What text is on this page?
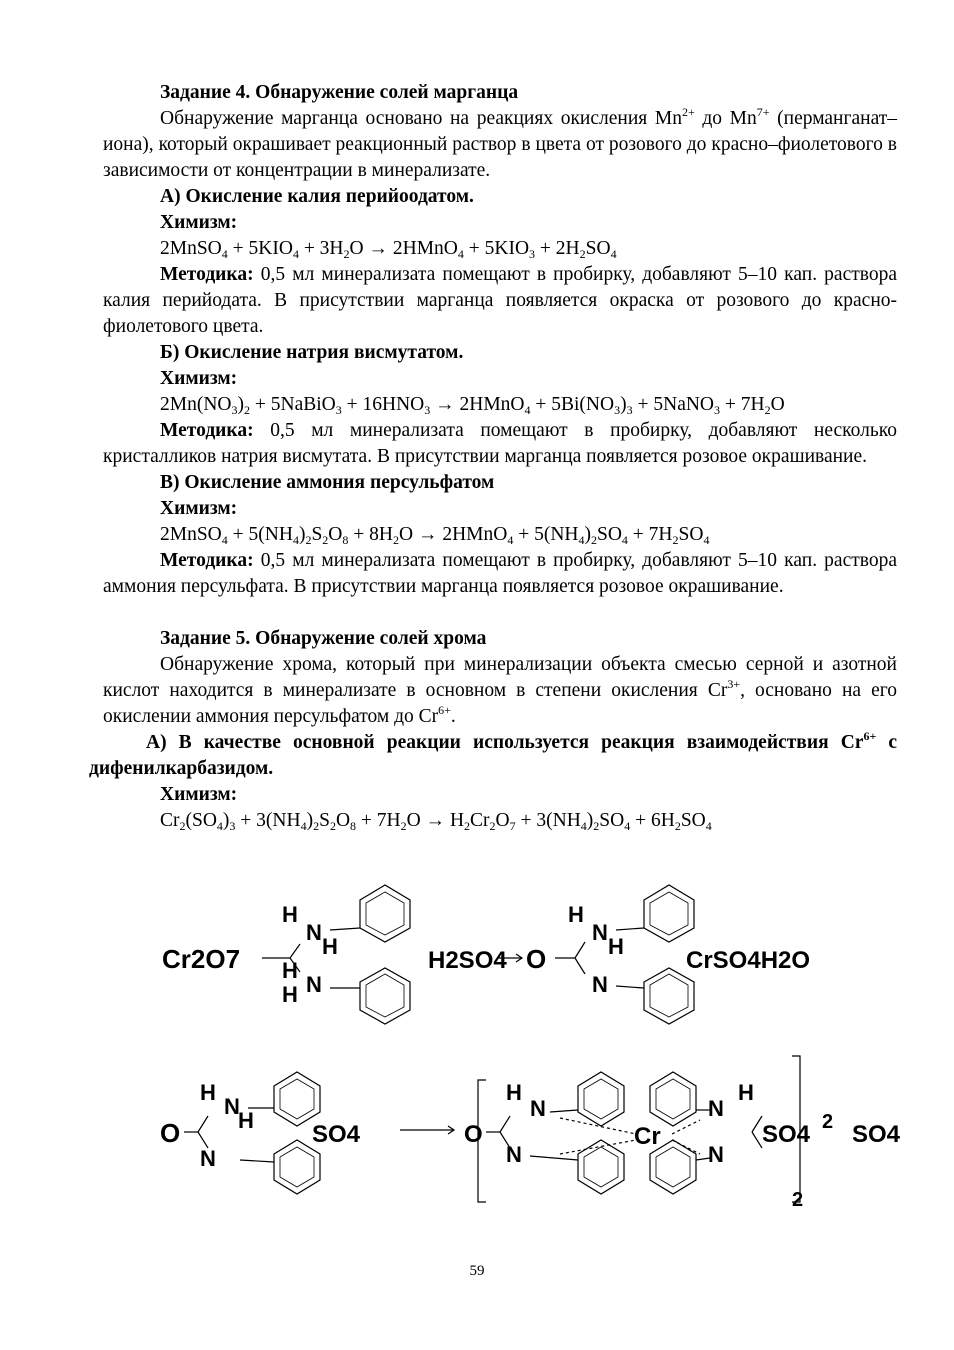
Задание 4. Обнаружение солей марганца

Обнаружение марганца основано на реакциях окисления $Mn^{2+}$ до $Mn^{7+}$ (перманганат–иона), который окрашивает реакционный раствор в цвета от розового до красно–фиолетового в зависимости от концентрации в минерализате.

А) Окисление калия перийоодатом.

Химизм:

2MnSO$_4$ + $5KIO_4 + 3H_2O$ → 2HMnO$_4$ + $5KIO_3 + 2H_2SO_4$

Методика: 0,5 мл минерализата помещают в пробирку, добавляют 5–10 кап. раствора калия перийодата. В присутствии марганца появляется окраска от розового до красно-фиолетового цвета.

Б) Окисление натрия висмутатом.

Химизм:

$2Mn(NO_3)_2$ + 5NaBiO$_3$ + $16HNO_3$ → 2HMnO$_4$ + $5Bi(NO_3)_3$ + 5NaNO$_3$ + $7H_2O$

Методика: 0,5 мл минерализата помещают в пробирку, добавляют несколько кристалликов натрия висмутата. В присутствии марганца появляется розовое окрашивание.

В) Окисление аммония персульфатом

Химизм:

2MnSO$_4$ + $5(NH_4)_2S_2O_8 + 8H_2O$ → 2HMnO$_4$ + $5(NH_4)_2SO_4 + 7H_2SO_4$

Методика: 0,5 мл минерализата помещают в пробирку, добавляют 5–10 кап. раствора аммония персульфата. В присутствии марганца появляется розовое окрашивание.

Задание 5. Обнаружение солей хрома

Обнаружение хрома, который при минерализации объекта смесью серной и азотной кислот находится в минерализате в основном в степени окисления $Cr^{3+}$, основано на его окислении аммония персульфатом до $Cr^{6+}$.

А) В качестве основной реакции используется реакция взаимодействия $Cr^{6+}$ с дифенилкарбазидом.

Химизм:

$Cr_2(SO_4)_3 + 3(NH_4)_2S_2O_8 + 7H_2O \to H_2Cr_2O_7 + 3(NH_4)_2SO_4 + 6H_2SO_4$

Cr2O7
H
N
H
H
N
H
H2SO4 O
H
N
H
N
CrSO4H2O
O
H
N
H
N
SO4	O
H
N
N
Cr
H
N
N
SO4 SO4
2
2
59
